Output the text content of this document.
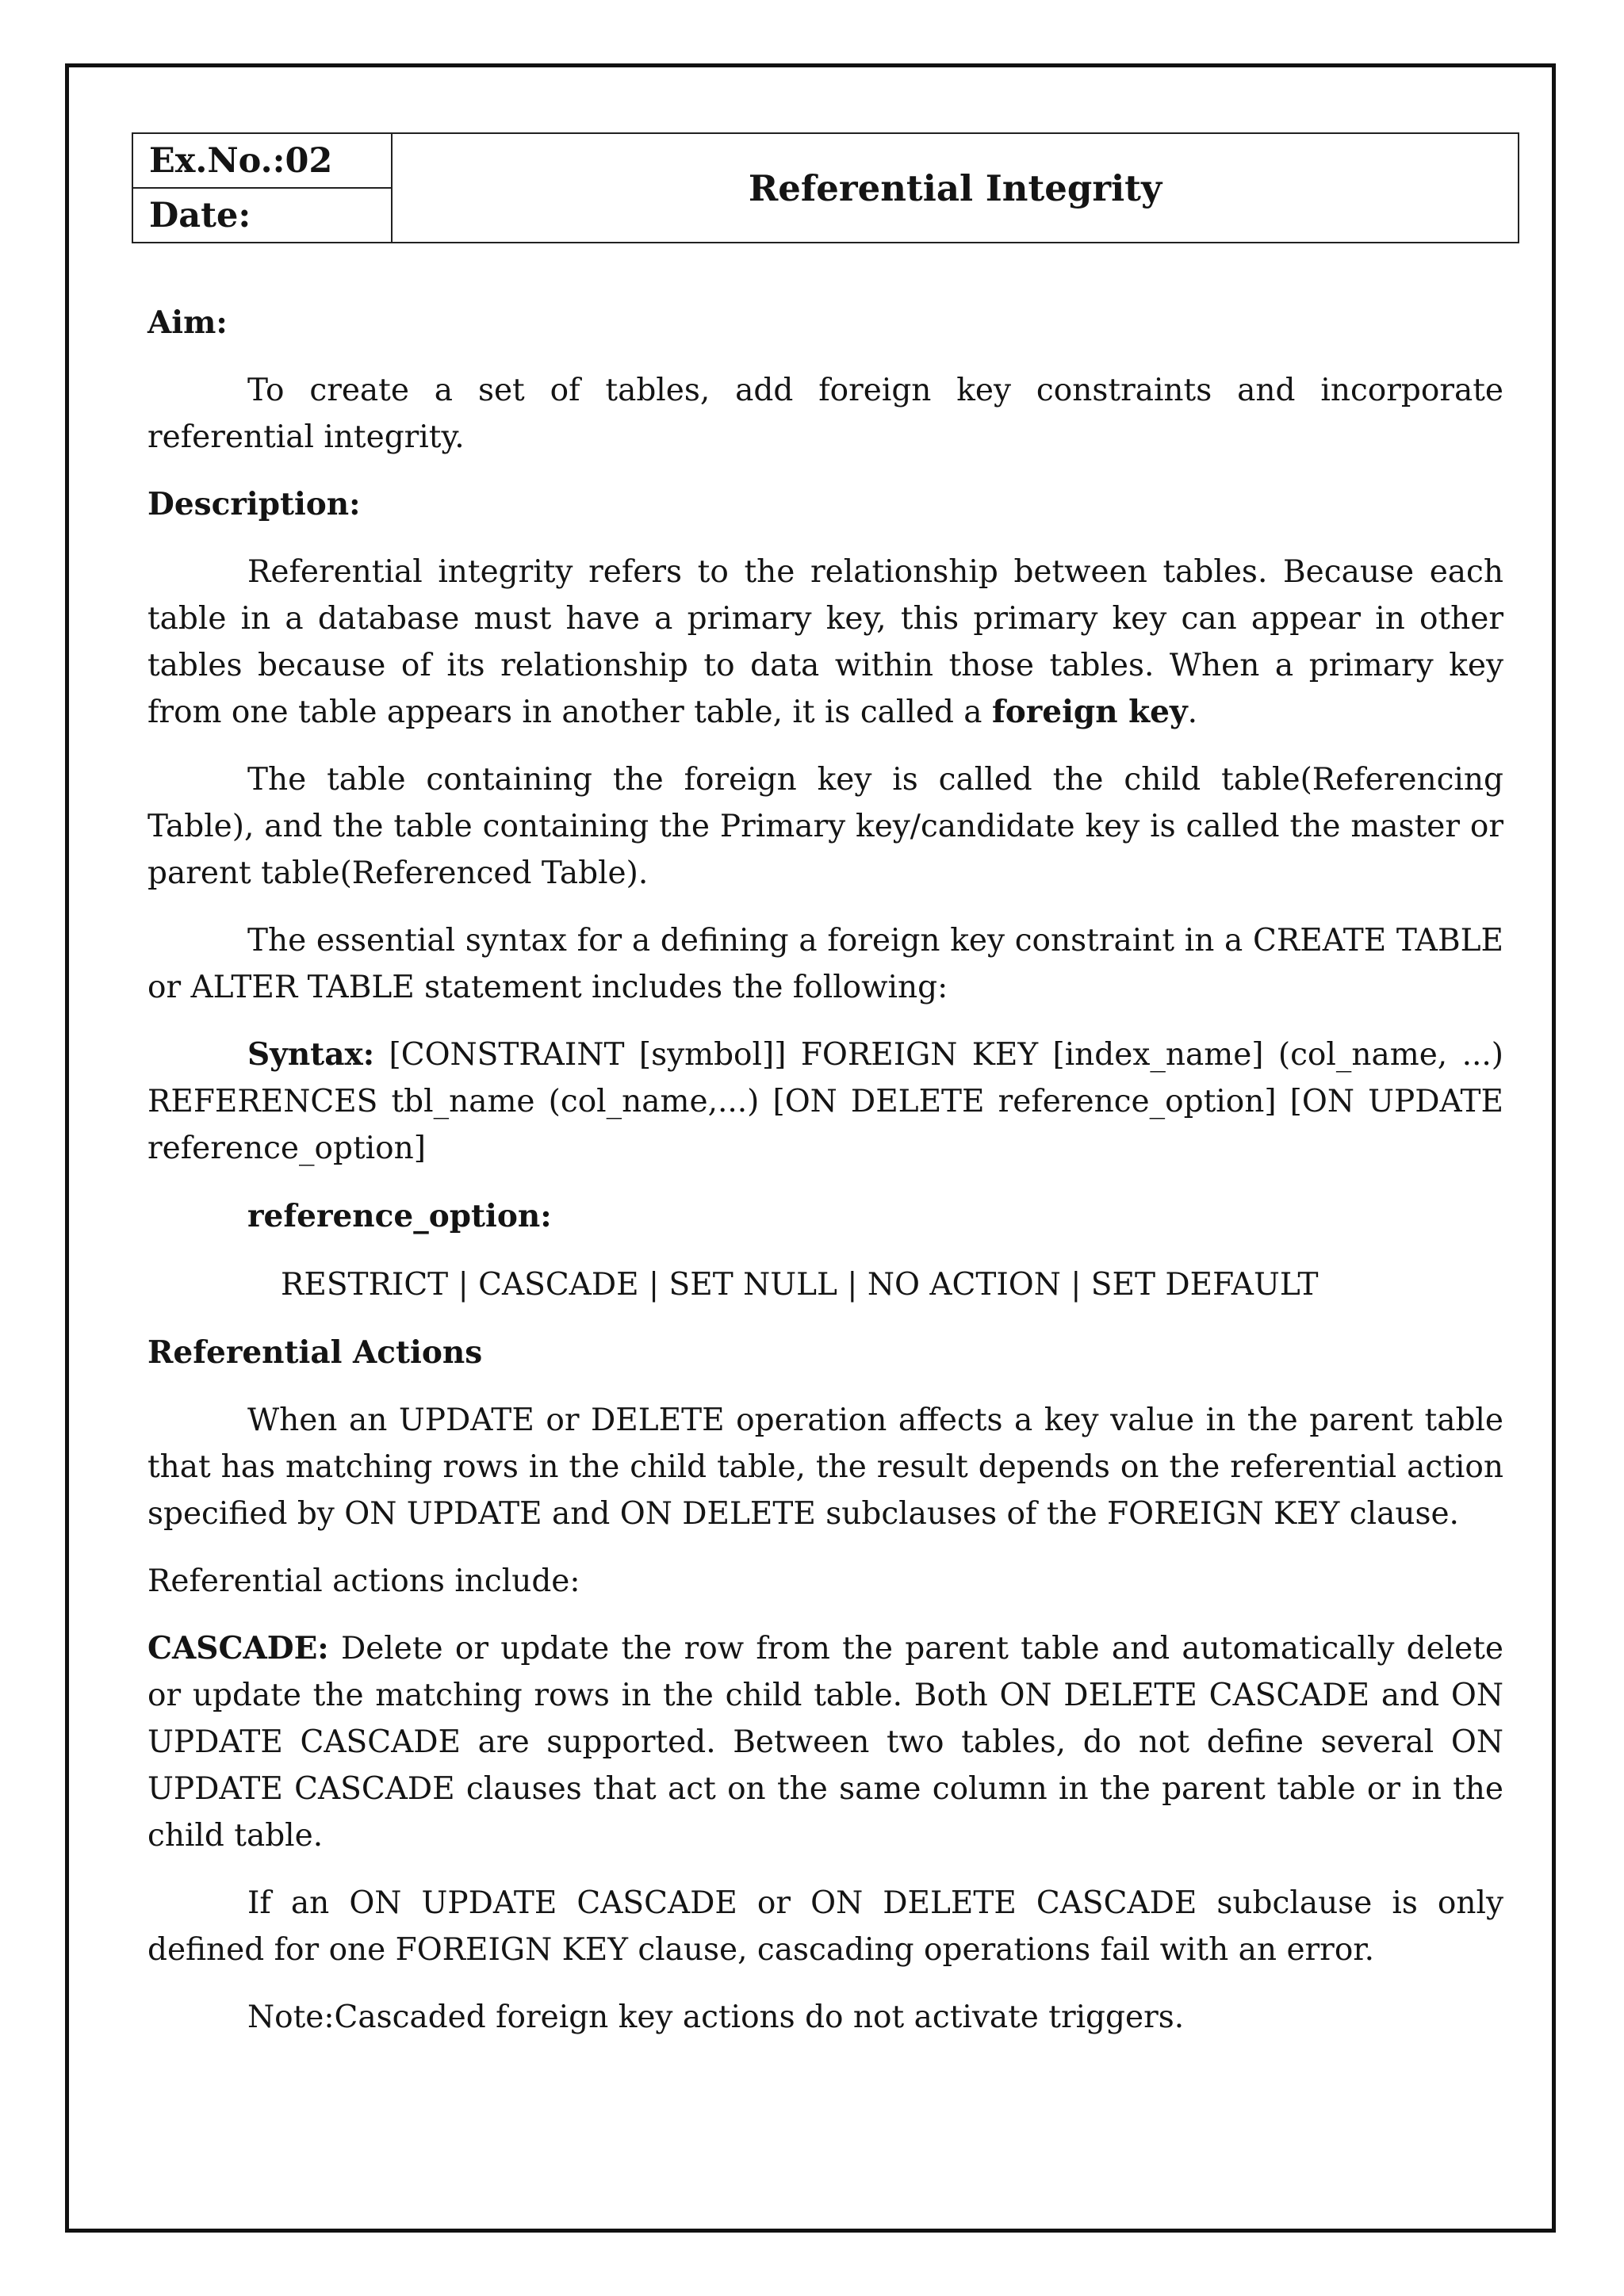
Ex.No.:02
Date:
Referential Integrity

Aim:

To create a set of tables, add foreign key constraints and incorporate referential integrity.

Description:

Referential integrity refers to the relationship between tables. Because each table in a database must have a primary key, this primary key can appear in other tables because of its relationship to data within those tables. When a primary key from one table appears in another table, it is called a foreign key.

The table containing the foreign key is called the child table(Referencing Table), and the table containing the Primary key/candidate key is called the master or parent table(Referenced Table).

The essential syntax for a defining a foreign key constraint in a CREATE TABLE or ALTER TABLE statement includes the following:

Syntax: [CONSTRAINT [symbol]] FOREIGN KEY [index_name] (col_name, ...) REFERENCES tbl_name (col_name,...) [ON DELETE reference_option] [ON UPDATE reference_option]

reference_option:

RESTRICT | CASCADE | SET NULL | NO ACTION | SET DEFAULT

Referential Actions

When an UPDATE or DELETE operation affects a key value in the parent table that has matching rows in the child table, the result depends on the referential action specified by ON UPDATE and ON DELETE subclauses of the FOREIGN KEY clause.

Referential actions include:

CASCADE: Delete or update the row from the parent table and automatically delete or update the matching rows in the child table. Both ON DELETE CASCADE and ON UPDATE CASCADE are supported. Between two tables, do not define several ON UPDATE CASCADE clauses that act on the same column in the parent table or in the child table.

If an ON UPDATE CASCADE or ON DELETE CASCADE subclause is only defined for one FOREIGN KEY clause, cascading operations fail with an error.

Note:Cascaded foreign key actions do not activate triggers.
